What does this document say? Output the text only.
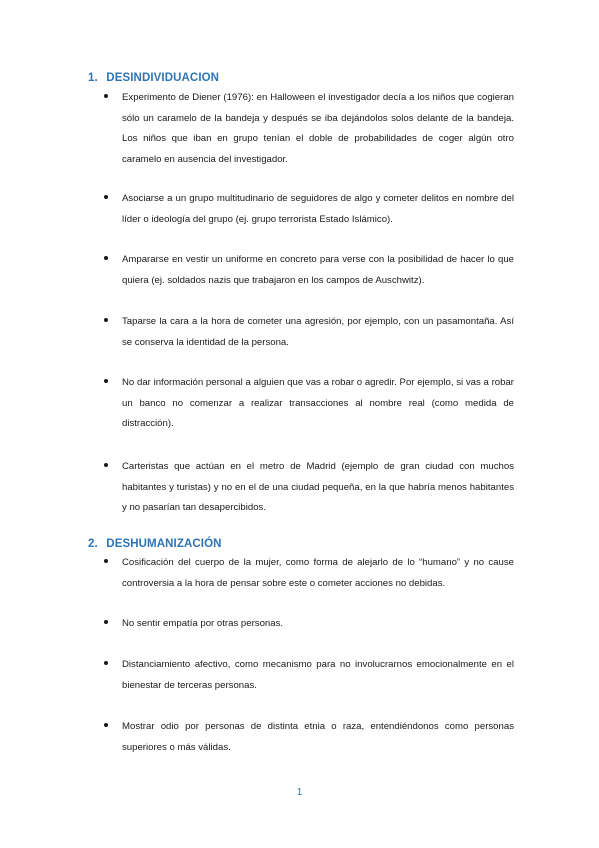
1. DESINDIVIDUACION
Experimento de Diener (1976): en Halloween el investigador decía a los niños que cogieran sólo un caramelo de la bandeja y después se iba dejándolos solos delante de la bandeja. Los niños que iban en grupo tenían el doble de probabilidades de coger algún otro caramelo en ausencia del investigador.
Asociarse a un grupo multitudinario de seguidores de algo y cometer delitos en nombre del líder o ideología del grupo (ej. grupo terrorista Estado Islámico).
Ampararse en vestir un uniforme en concreto para verse con la posibilidad de hacer lo que quiera (ej. soldados nazis que trabajaron en los campos de Auschwitz).
Taparse la cara a la hora de cometer una agresión, por ejemplo, con un pasamontaña. Así se conserva la identidad de la persona.
No dar información personal a alguien que vas a robar o agredir. Por ejemplo, si vas a robar un banco no comenzar a realizar transacciones al nombre real (como medida de distracción).
Carteristas que actúan en el metro de Madrid (ejemplo de gran ciudad con muchos habitantes y turistas) y no en el de una ciudad pequeña, en la que habría menos habitantes y no pasarían tan desapercibidos.
2. DESHUMANIZACIÓN
Cosificación del cuerpo de la mujer, como forma de alejarlo de lo “humano” y no cause controversia a la hora de pensar sobre este o cometer acciones no debidas.
No sentir empatía por otras personas.
Distanciamiento afectivo, como mecanismo para no involucrarnos emocionalmente en el bienestar de terceras personas.
Mostrar odio por personas de distinta etnia o raza, entendiéndonos como personas superiores o más válidas.
1
